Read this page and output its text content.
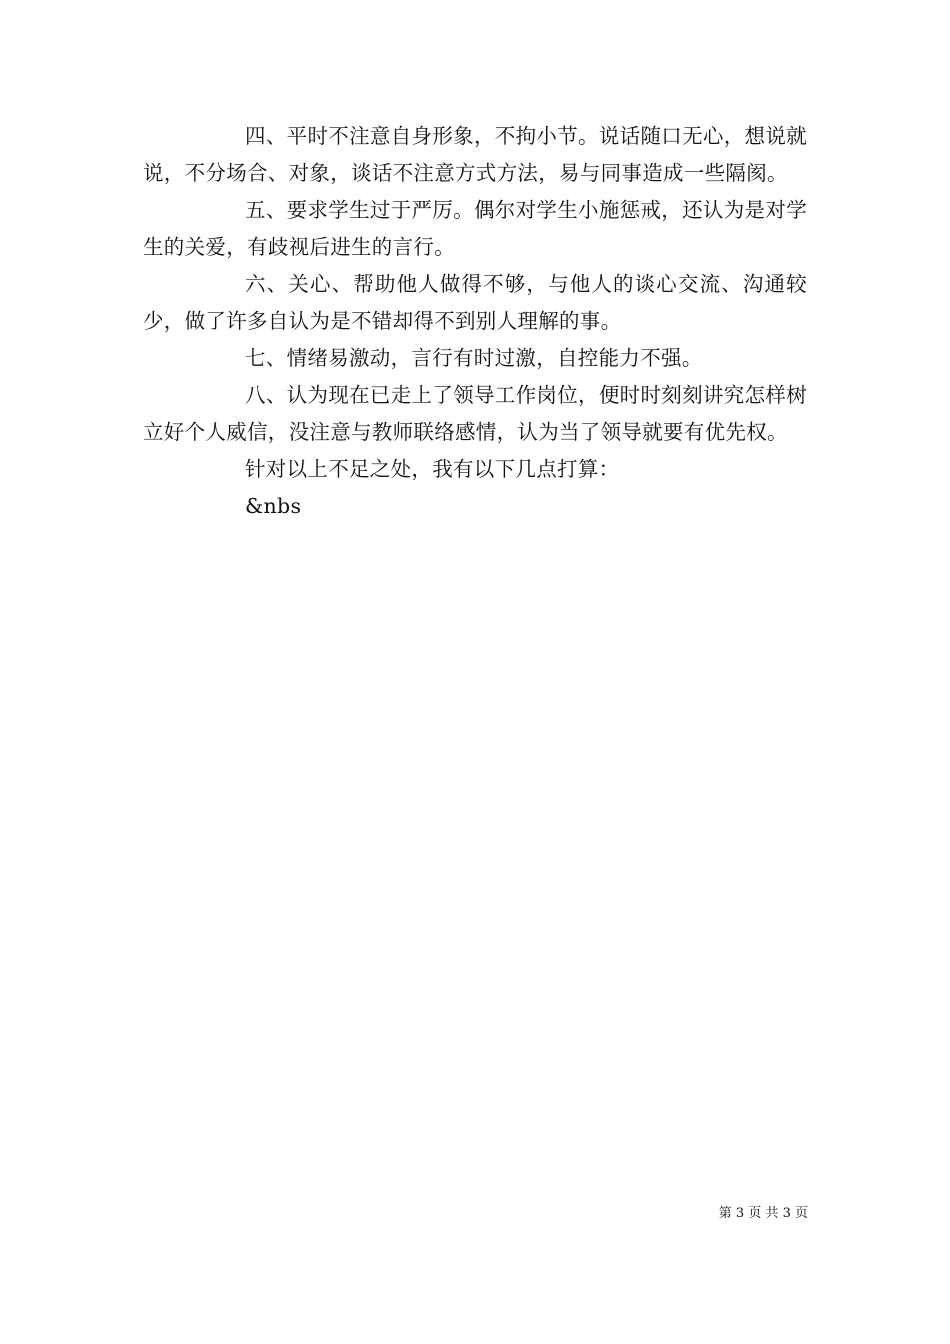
四、平时不注意自身形象，不拘小节。说话随口无心，想说就说，不分场合、对象，谈话不注意方式方法，易与同事造成一些隔阂。

五、要求学生过于严厉。偶尔对学生小施惩戒，还认为是对学生的关爱，有歧视后进生的言行。

六、关心、帮助他人做得不够，与他人的谈心交流、沟通较少，做了许多自认为是不错却得不到别人理解的事。

七、情绪易激动，言行有时过激，自控能力不强。

八、认为现在已走上了领导工作岗位，便时时刻刻讲究怎样树立好个人威信，没注意与教师联络感情，认为当了领导就要有优先权。

针对以上不足之处，我有以下几点打算：

&nbs

第 3 页 共 3 页
